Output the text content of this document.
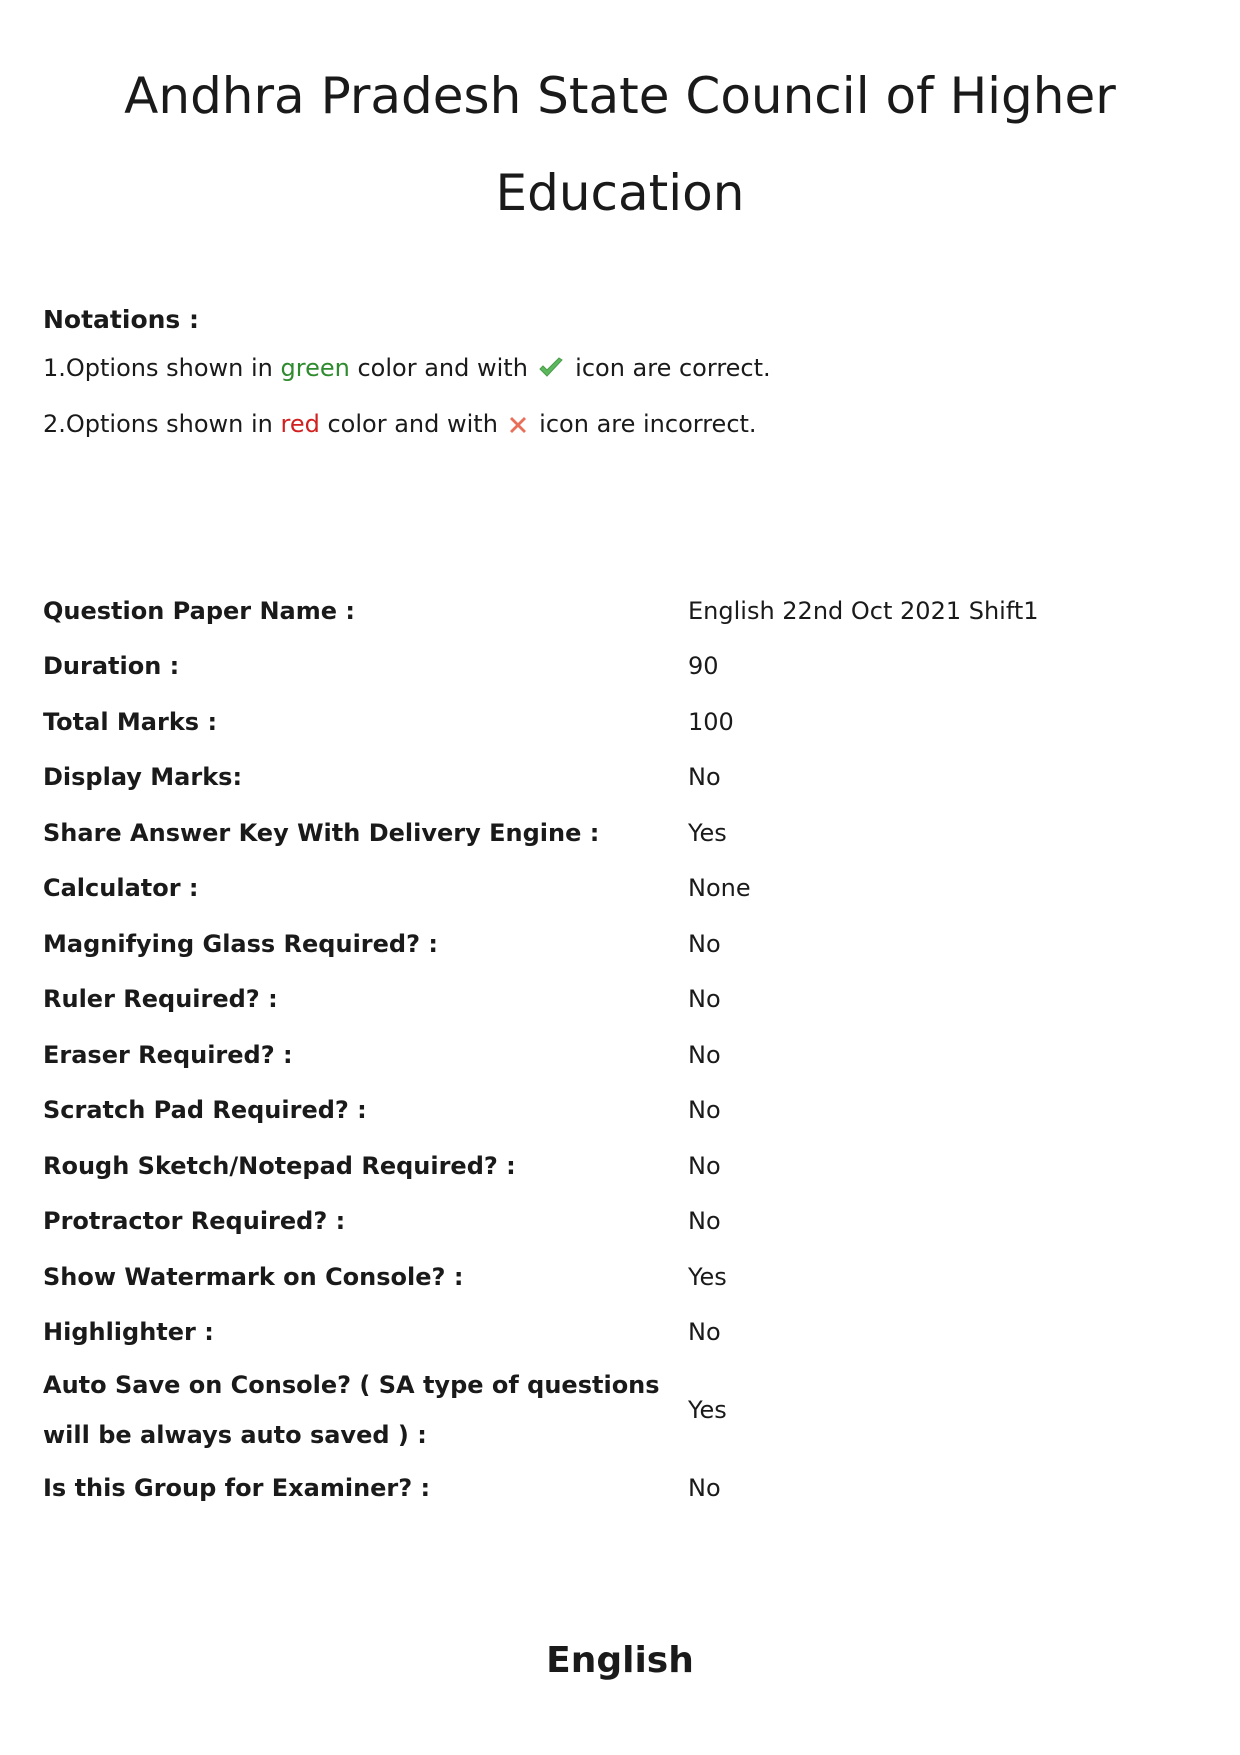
Andhra Pradesh State Council of Higher Education
Notations :
1.Options shown in green color and with  icon are correct.
2.Options shown in red color and with  icon are incorrect.
Question Paper Name :	English 22nd Oct 2021 Shift1
Duration :	90
Total Marks :	100
Display Marks:	No
Share Answer Key With Delivery Engine :	Yes
Calculator :	None
Magnifying Glass Required? :	No
Ruler Required? :	No
Eraser Required? :	No
Scratch Pad Required? :	No
Rough Sketch/Notepad Required? :	No
Protractor Required? :	No
Show Watermark on Console? :	Yes
Highlighter :	No
Auto Save on Console? ( SA type of questions will be always auto saved ) :
Yes
Is this Group for Examiner? :	No
English
